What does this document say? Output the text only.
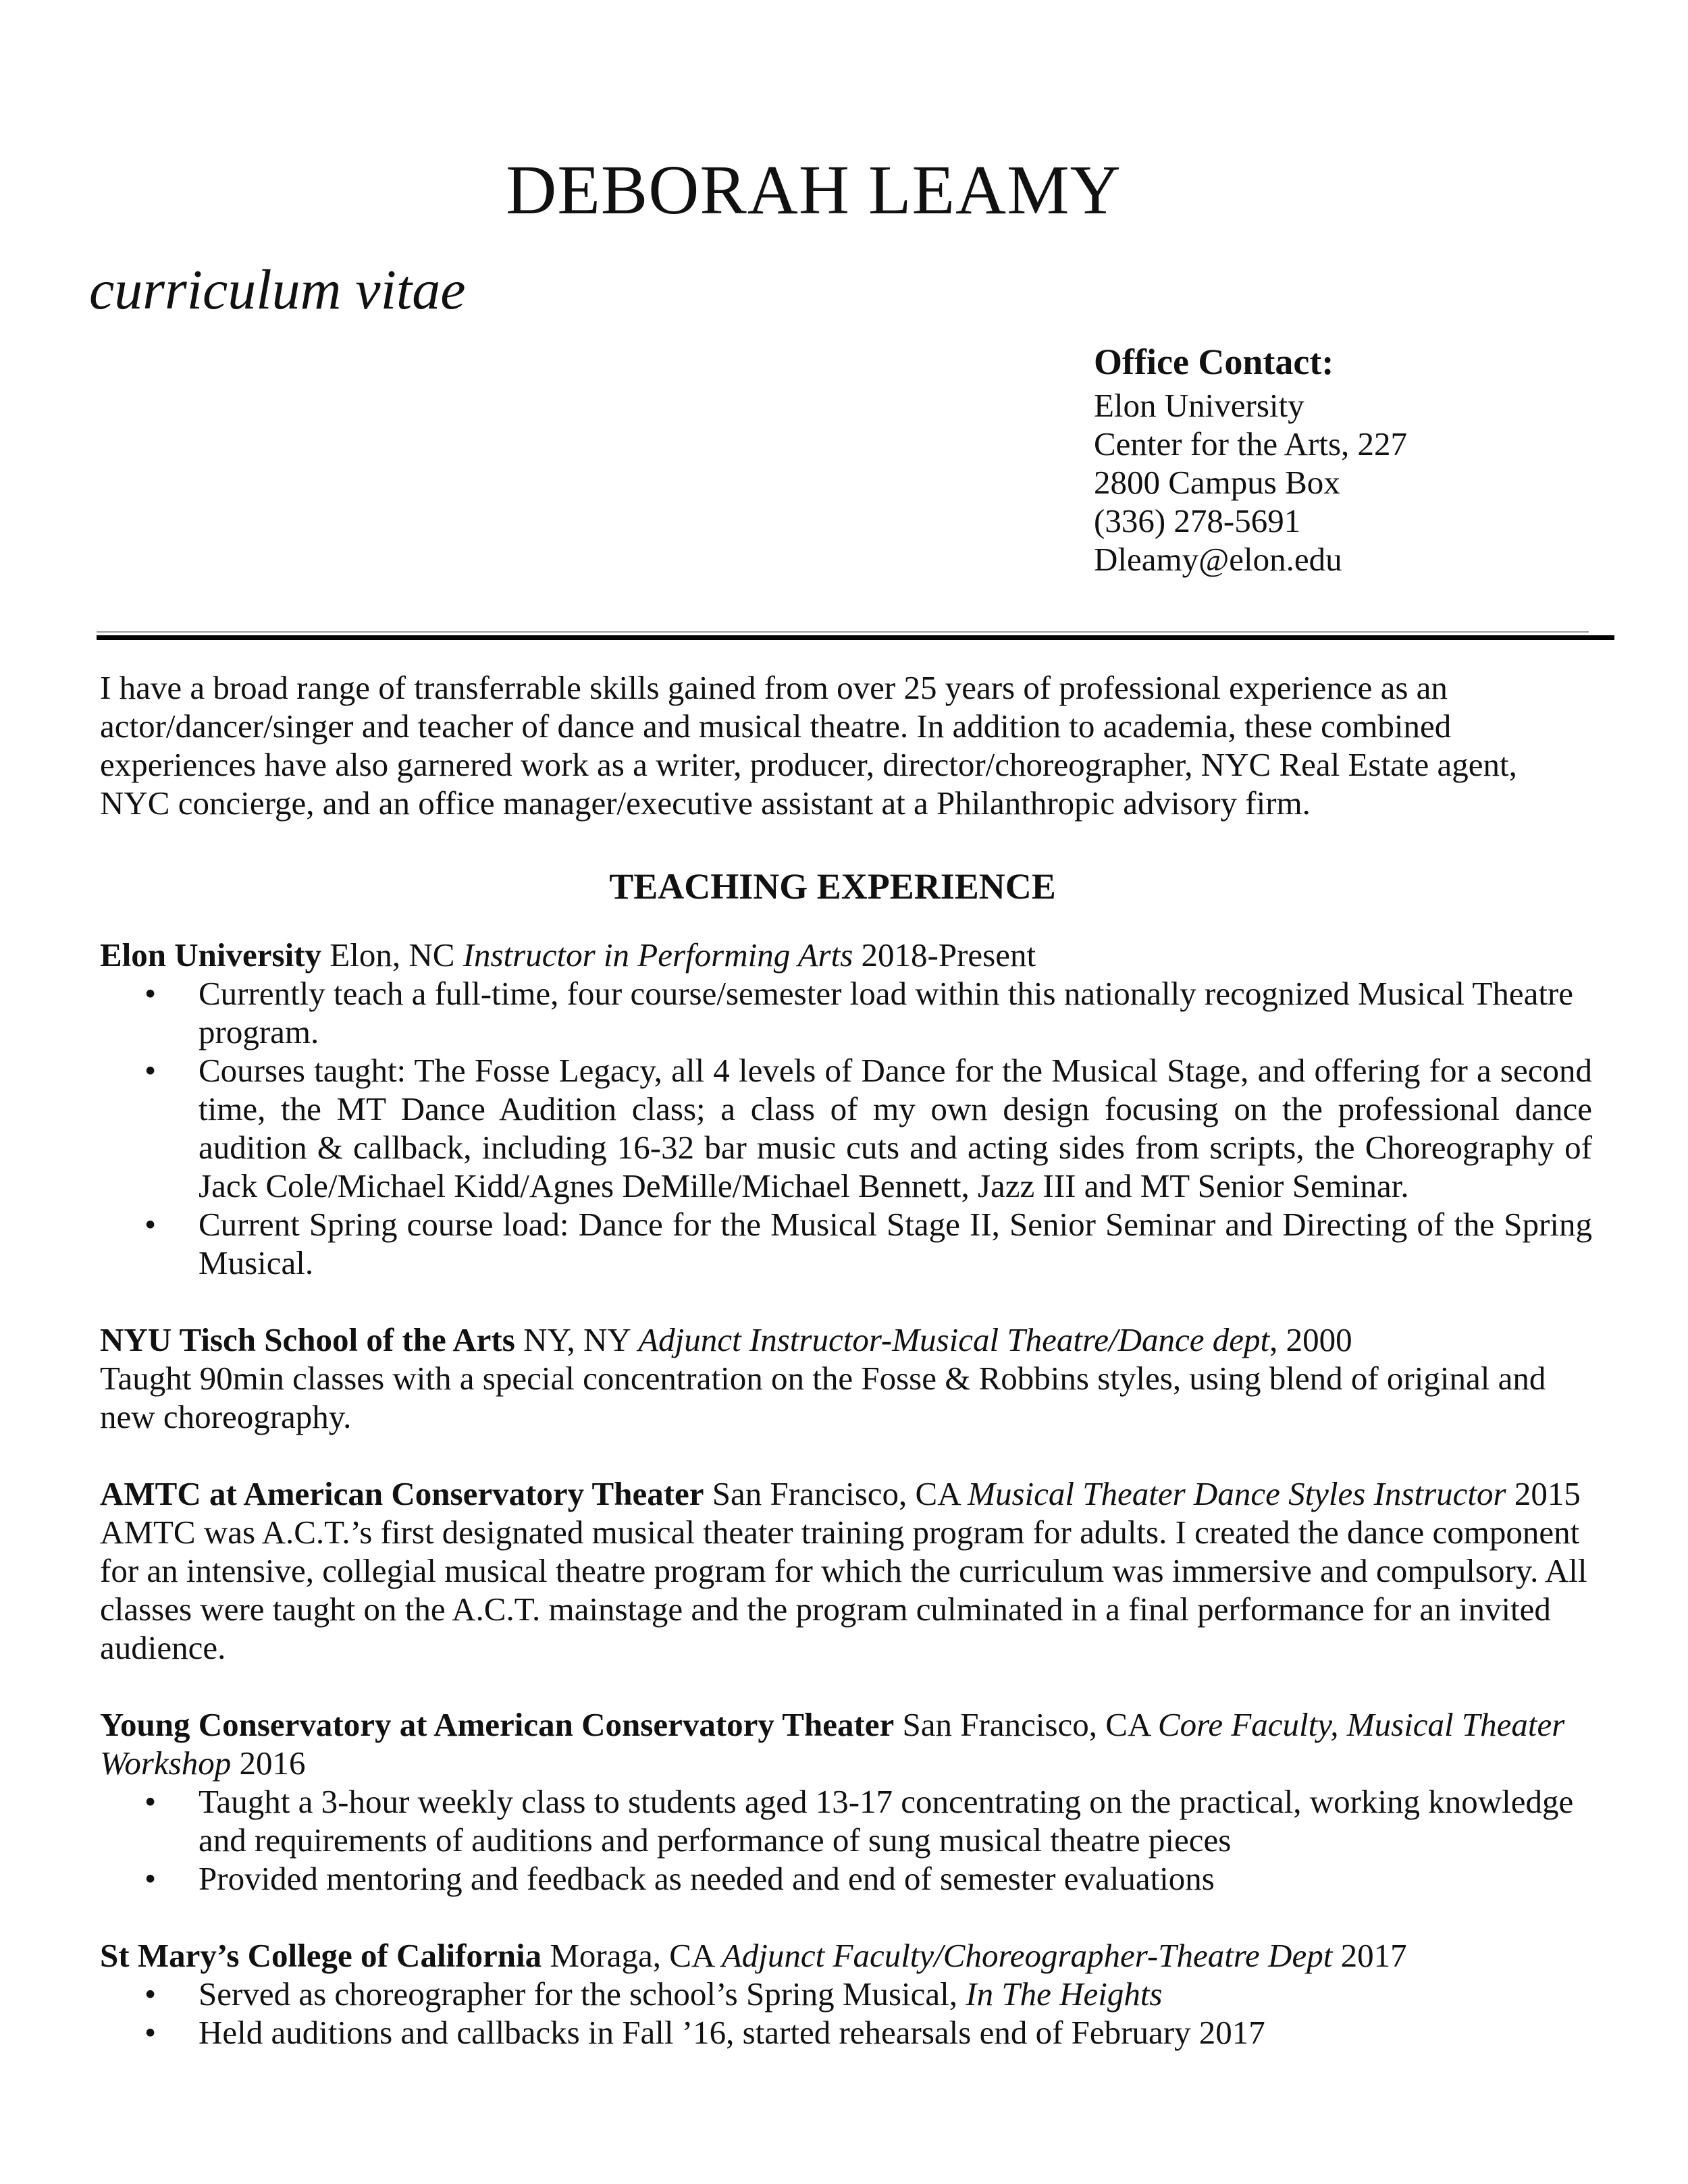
DEBORAH LEAMY
curriculum vitae
Office Contact:
Elon University
Center for the Arts, 227
2800 Campus Box
(336) 278-5691
Dleamy@elon.edu

I have a broad range of transferrable skills gained from over 25 years of professional experience as an actor/dancer/singer and teacher of dance and musical theatre. In addition to academia, these combined experiences have also garnered work as a writer, producer, director/choreographer, NYC Real Estate agent, NYC concierge, and an office manager/executive assistant at a Philanthropic advisory firm.

TEACHING EXPERIENCE
Elon University Elon, NC Instructor in Performing Arts 2018-Present
• Currently teach a full-time, four course/semester load within this nationally recognized Musical Theatre program.
• Courses taught: The Fosse Legacy, all 4 levels of Dance for the Musical Stage, and offering for a second time, the MT Dance Audition class; a class of my own design focusing on the professional dance audition & callback, including 16-32 bar music cuts and acting sides from scripts, the Choreography of Jack Cole/Michael Kidd/Agnes DeMille/Michael Bennett, Jazz III and MT Senior Seminar.
• Current Spring course load: Dance for the Musical Stage II, Senior Seminar and Directing of the Spring Musical.
NYU Tisch School of the Arts NY, NY Adjunct Instructor-Musical Theatre/Dance dept, 2000

Taught 90min classes with a special concentration on the Fosse & Robbins styles, using blend of original and new choreography.

AMTC at American Conservatory Theater San Francisco, CA Musical Theater Dance Styles Instructor 2015

AMTC was A.C.T.’s first designated musical theater training program for adults. I created the dance component for an intensive, collegial musical theatre program for which the curriculum was immersive and compulsory. All classes were taught on the A.C.T. mainstage and the program culminated in a final performance for an invited audience.

Young Conservatory at American Conservatory Theater San Francisco, CA Core Faculty, Musical Theater
Workshop 2016
• Taught a 3-hour weekly class to students aged 13-17 concentrating on the practical, working knowledge and requirements of auditions and performance of sung musical theatre pieces
• Provided mentoring and feedback as needed and end of semester evaluations
St Mary’s College of California Moraga, CA Adjunct Faculty/Choreographer-Theatre Dept 2017
• Served as choreographer for the school’s Spring Musical, In The Heights
• Held auditions and callbacks in Fall ’16, started rehearsals end of February 2017
